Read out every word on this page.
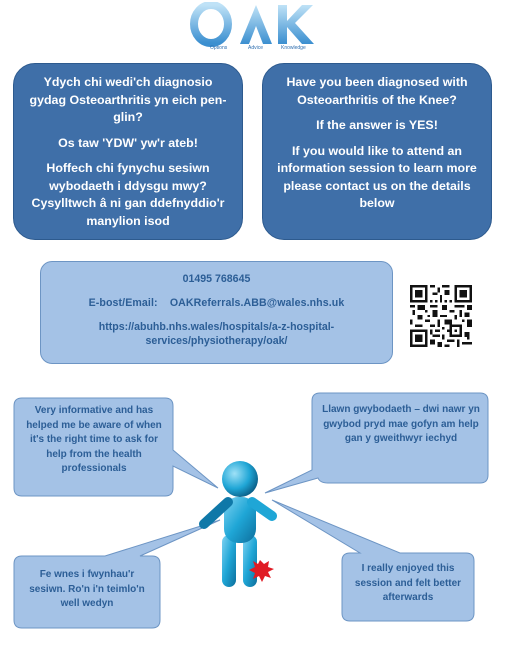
Options	Advice	Knowledge

Ydych chi wedi'ch diagnosio gydag Osteoarthritis yn eich pen-glin?

Os taw 'YDW' yw'r ateb!

Hoffech chi fynychu sesiwn wybodaeth i ddysgu mwy? Cysylltwch â ni gan ddefnyddio'r manylion isod

Have you been diagnosed with Osteoarthritis of the Knee?

If the answer is YES!

If you would like to attend an information session to learn more please contact us on the details below

01495 768645
E-bost/Email: OAKReferrals.ABB@wales.nhs.uk
https://abuhb.nhs.wales/hospitals/a-z-hospital-
services/physiotherapy/oak/
Very informative and has helped me be aware of when it's the right time to ask for help from the health professionals
Llawn gwybodaeth – dwi nawr yn gwybod pryd mae gofyn am help gan y gweithwyr iechyd
Fe wnes i fwynhau'r sesiwn. Ro'n i'n teimlo'n well wedyn
I really enjoyed this session and felt better afterwards
